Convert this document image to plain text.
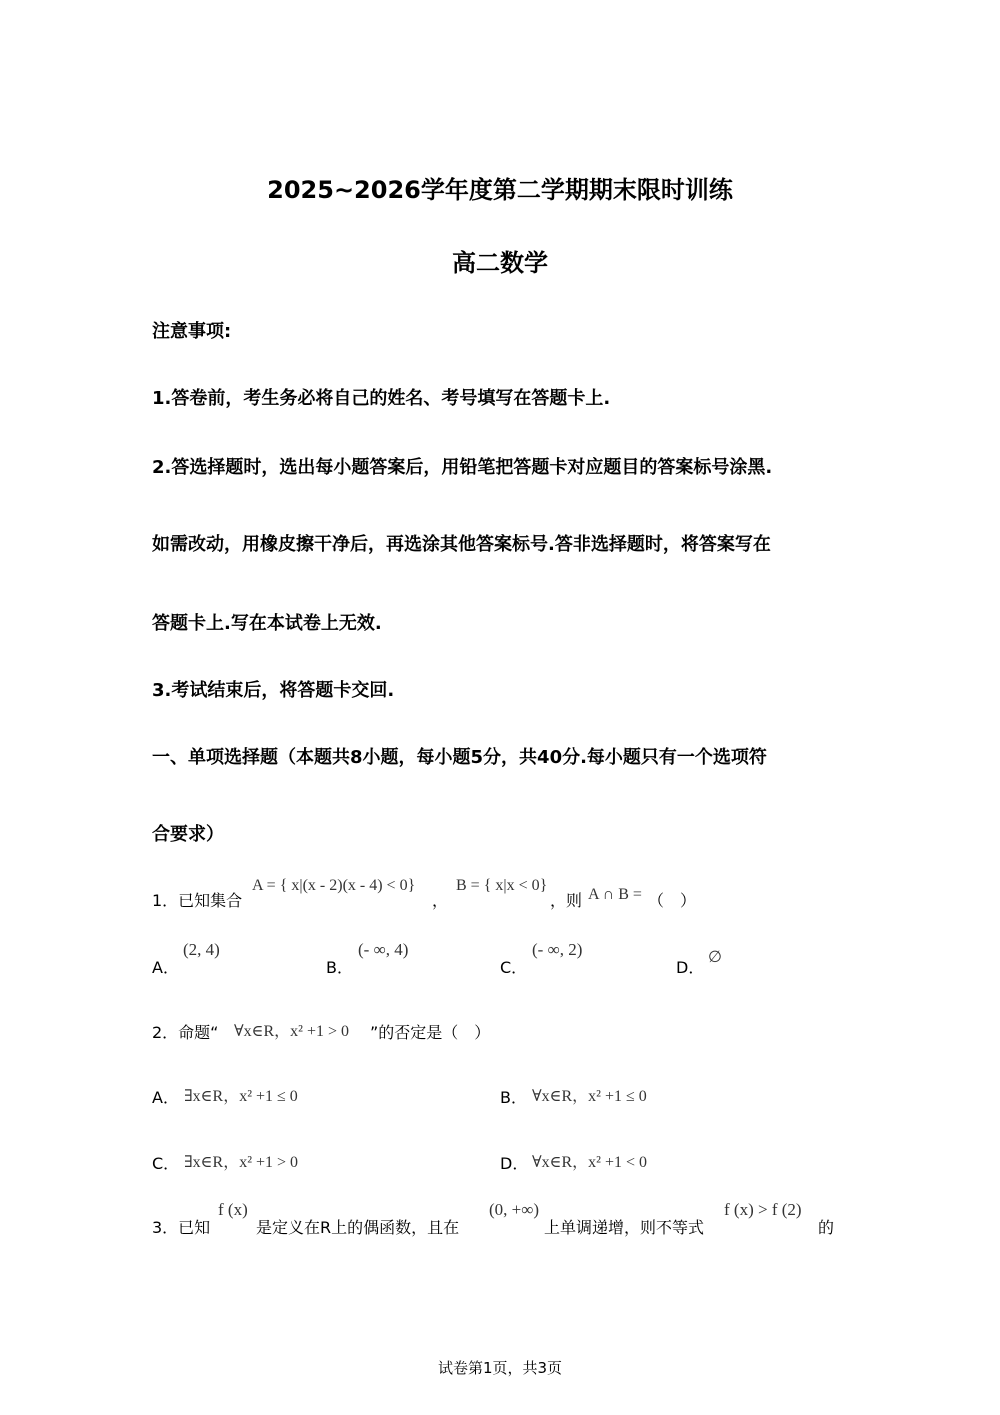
2025~2026学年度第二学期期末限时训练
高二数学
注意事项:
1.答卷前，考生务必将自己的姓名、考号填写在答题卡上.
2.答选择题时，选出每小题答案后，用铅笔把答题卡对应题目的答案标号涂黑.
如需改动，用橡皮擦干净后，再选涂其他答案标号.答非选择题时，将答案写在
答题卡上.写在本试卷上无效.
3.考试结束后，将答题卡交回.
一、单项选择题（本题共8小题，每小题5分，共40分.每小题只有一个选项符
合要求）
1．已知集合
A = { x|(x - 2)(x - 4) < 0}
，
B = { x|x < 0}
，则 A ∩ B = （　）
A．
(2, 4)
B．
(- ∞, 4)
C．
(- ∞, 2)
D．
∅
2．命题“ ∀x∈R，x² +1 > 0 ”的否定是（　）
A． ∃x∈R，x² +1 ≤ 0	B． ∀x∈R，x² +1 ≤ 0
C． ∃x∈R，x² +1 > 0	D． ∀x∈R，x² +1 < 0
3．已知
f (x)
是定义在R上的偶函数，且在
(0, +∞)
上单调递增，则不等式
f (x) > f (2)
的
试卷第1页，共3页
